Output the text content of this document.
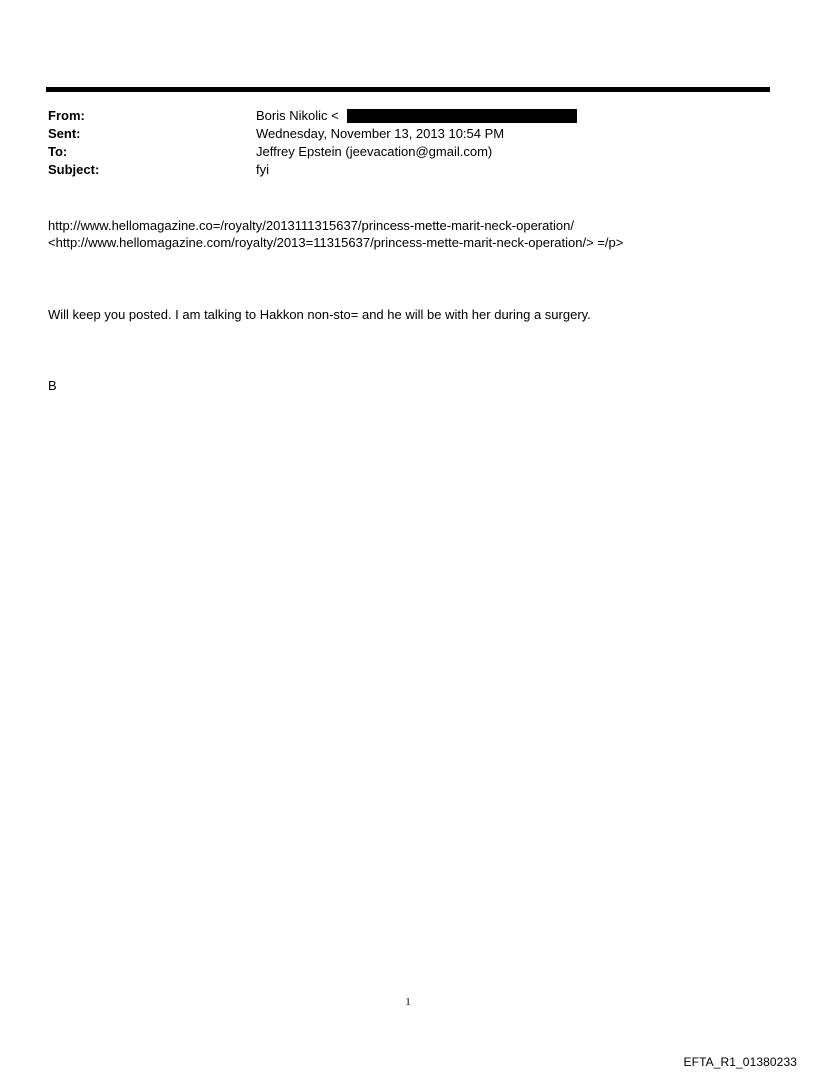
From:	Boris Nikolic <
Sent:	Wednesday, November 13, 2013 10:54 PM
To:	Jeffrey Epstein (jeevacation@gmail.com)
Subject:	fyi
http://www.hellomagazine.co=/royalty/2013111315637/princess-mette-marit-neck-operation/
<http://www.hellomagazine.com/royalty/2013=11315637/princess-mette-marit-neck-operation/> =/p>
Will keep you posted. I am talking to Hakkon non-sto= and he will be with her during a surgery.
B
1
EFTA_R1_01380233
